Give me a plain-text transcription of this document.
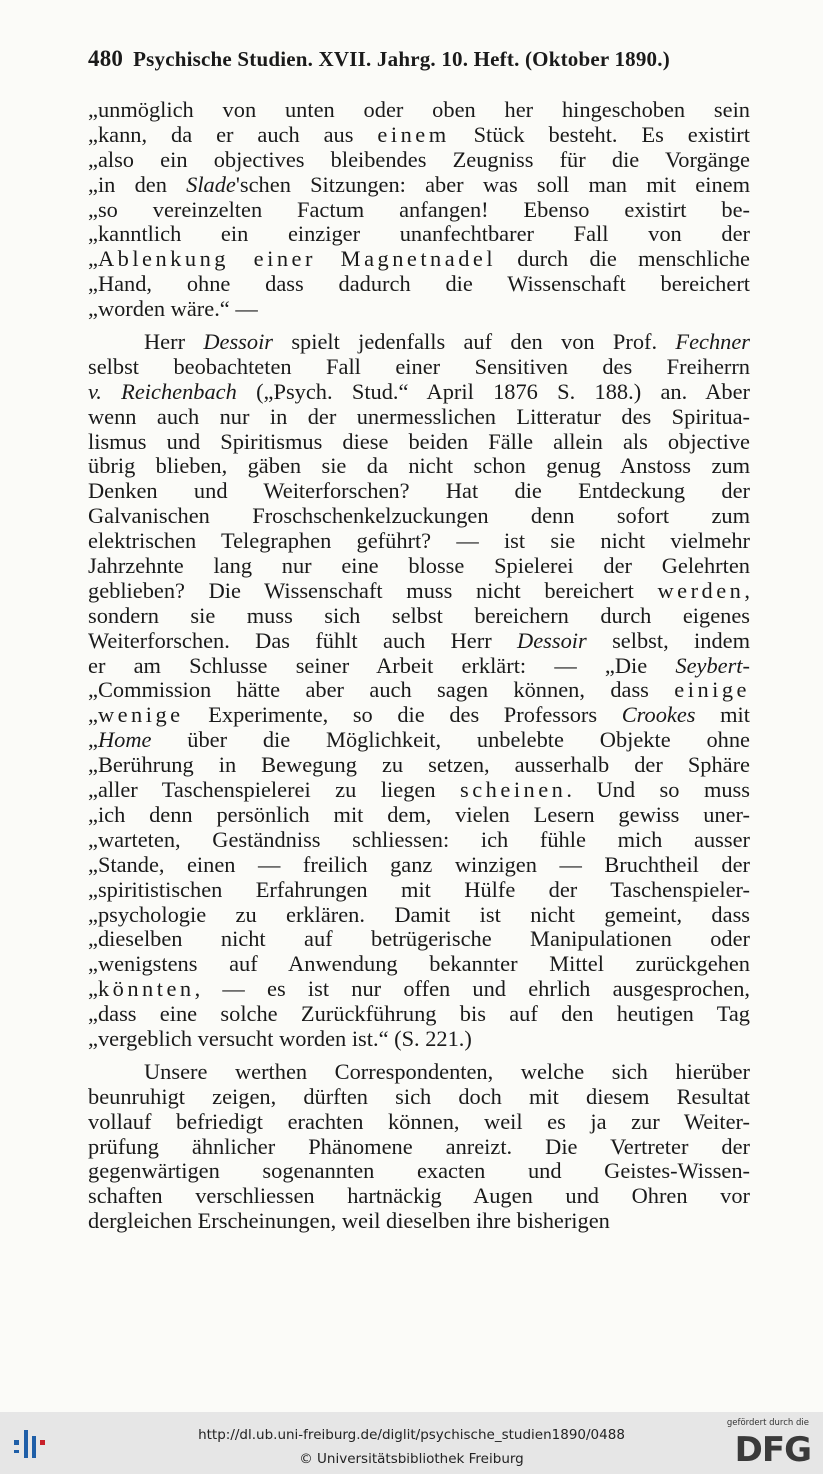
480 Psychische Studien. XVII. Jahrg. 10. Heft. (Oktober 1890.)
„unmöglich von unten oder oben her hingeschoben sein
„kann, da er auch aus einem Stück besteht. Es existirt
„also ein objectives bleibendes Zeugniss für die Vorgänge
„in den Slade'schen Sitzungen: aber was soll man mit einem
„so vereinzelten Factum anfangen! Ebenso existirt be-
„kanntlich ein einziger unanfechtbarer Fall von der
„Ablenkung einer Magnetnadel durch die menschliche
„Hand, ohne dass dadurch die Wissenschaft bereichert
„worden wäre.“ —
Herr Dessoir spielt jedenfalls auf den von Prof. Fechner
selbst beobachteten Fall einer Sensitiven des Freiherrn
v. Reichenbach („Psych. Stud.“ April 1876 S. 188.) an. Aber
wenn auch nur in der unermesslichen Litteratur des Spiritua-
lismus und Spiritismus diese beiden Fälle allein als objective
übrig blieben, gäben sie da nicht schon genug Anstoss zum
Denken und Weiterforschen? Hat die Entdeckung der
Galvanischen Froschschenkelzuckungen denn sofort zum
elektrischen Telegraphen geführt? — ist sie nicht vielmehr
Jahrzehnte lang nur eine blosse Spielerei der Gelehrten
geblieben? Die Wissenschaft muss nicht bereichert werden,
sondern sie muss sich selbst bereichern durch eigenes
Weiterforschen. Das fühlt auch Herr Dessoir selbst, indem
er am Schlusse seiner Arbeit erklärt: — „Die Seybert-
„Commission hätte aber auch sagen können, dass einige
„wenige Experimente, so die des Professors Crookes mit
„Home über die Möglichkeit, unbelebte Objekte ohne
„Berührung in Bewegung zu setzen, ausserhalb der Sphäre
„aller Taschenspielerei zu liegen scheinen. Und so muss
„ich denn persönlich mit dem, vielen Lesern gewiss uner-
„warteten, Geständniss schliessen: ich fühle mich ausser
„Stande, einen — freilich ganz winzigen — Bruchtheil der
„spiritistischen Erfahrungen mit Hülfe der Taschenspieler-
„psychologie zu erklären. Damit ist nicht gemeint, dass
„dieselben nicht auf betrügerische Manipulationen oder
„wenigstens auf Anwendung bekannter Mittel zurückgehen
„könnten, — es ist nur offen und ehrlich ausgesprochen,
„dass eine solche Zurückführung bis auf den heutigen Tag
„vergeblich versucht worden ist.“ (S. 221.)
Unsere werthen Correspondenten, welche sich hierüber
beunruhigt zeigen, dürften sich doch mit diesem Resultat
vollauf befriedigt erachten können, weil es ja zur Weiter-
prüfung ähnlicher Phänomene anreizt. Die Vertreter der
gegenwärtigen sogenannten exacten und Geistes-Wissen-
schaften verschliessen hartnäckig Augen und Ohren vor
dergleichen Erscheinungen, weil dieselben ihre bisherigen
http://dl.ub.uni-freiburg.de/diglit/psychische_studien1890/0488
© Universitätsbibliothek Freiburg
gefördert durch die
DFG
